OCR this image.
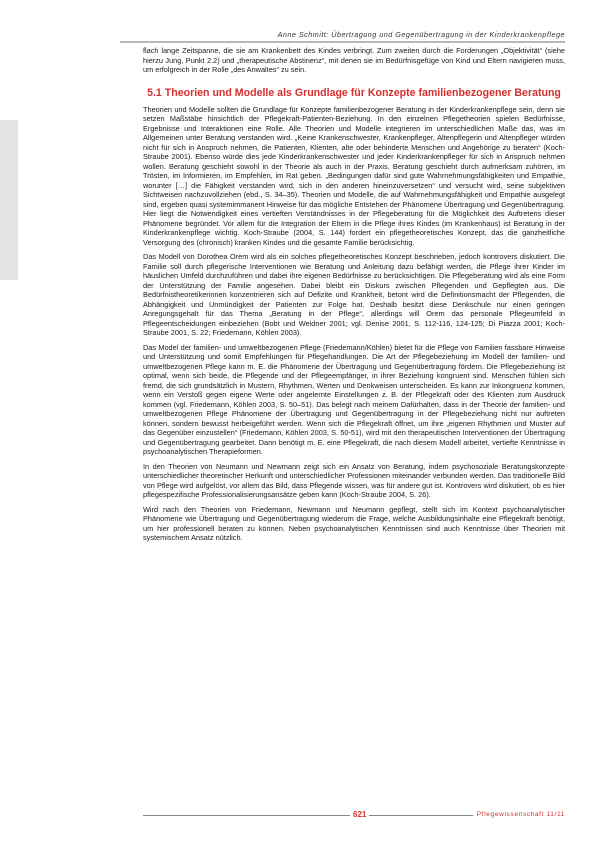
Anne Schmitt: Übertragung und Gegenübertragung in der Kinderkrankenpflege

flach lange Zeitspanne, die sie am Krankenbett des Kindes verbringt. Zum zweiten durch die Forderungen „Objektivität“ (siehe hierzu Jung, Punkt 2.2) und „therapeutische Abstinenz“, mit denen sie im Bedürfnisgefüge von Kind und Eltern navigieren muss, um erfolgreich in der Rolle „des Anwaltes“ zu sein.

5.1 Theorien und Modelle als Grundlage für Konzepte familienbezogener Beratung

Theorien und Modelle sollten die Grundlage für Konzepte familienbezogener Beratung in der Kinderkrankenpflege sein, denn sie setzen Maßstäbe hinsichtlich der Pflegekraft-Patienten-Beziehung. In den einzelnen Pflegetheorien spielen Bedürfnisse, Ergebnisse und Interaktionen eine Rolle. Alle Theorien und Modelle integrieren im unterschiedlichen Maße das, was im Allgemeinen unter Beratung verstanden wird. „Keine Krankenschwester, Krankenpfleger, Altenpflegerin und Altenpfleger würden nicht für sich in Anspruch nehmen, die Patienten, Klienten, alte oder behinderte Menschen und Angehörige zu beraten“ (Koch-Straube 2001). Ebenso würde dies jede Kinderkrankenschwester und jeder Kinderkrankenpfleger für sich in Anspruch nehmen wollen. Beratung geschieht sowohl in der Theorie als auch in der Praxis. Beratung geschieht durch aufmerksam zuhören, im Trösten, im Informieren, im Empfehlen, im Rat geben. „Bedingungen dafür sind gute Wahrnehmungsfähigkeiten und Empathie, worunter […] die Fähigkeit verstanden wird, sich in den anderen hineinzuversetzen“ und versucht wird, seine subjektiven Sichtweisen nachzuvollziehen (ebd., S. 34–35). Theorien und Modelle, die auf Wahrnehmungsfähigkeit und Empathie ausgelegt sind, ergeben quasi systemimmanent Hinweise für das mögliche Entstehen der Phänomene Übertragung und Gegenübertragung. Hier liegt die Notwendigkeit eines vertieften Verständnisses in der Pflegeberatung für die Möglichkeit des Auftretens dieser Phänomene begründet. Vor allem für die Integration der Eltern in die Pflege ihres Kindes (im Krankenhaus) ist Beratung in der Kinderkrankenpflege wichtig. Koch-Straube (2004, S. 144) fordert ein pflegetheoretisches Konzept, das die ganzheitliche Versorgung des (chronisch) kranken Kindes und die gesamte Familie berücksichtig.

Das Modell von Dorothea Orem wird als ein solches pflegetheoretisches Konzept beschrieben, jedoch kontrovers diskutiert. Die Familie soll durch pflegerische Interventionen wie Beratung und Anleitung dazu befähigt werden, die Pflege ihrer Kinder im häuslichen Umfeld durchzuführen und dabei ihre eigenen Bedürfnisse zu berücksichtigen. Die Pflegeberatung wird als eine Form der Unterstützung der Familie angesehen. Dabei bleibt ein Diskurs zwischen Pflegenden und Gepflegten aus. Die Bedürfnistheoretikerinnen konzentrieren sich auf Defizite und Krankheit, betont wird die Definitionsmacht der Pflegenden, die Abhängigkeit und Unmündigkeit der Patienten zur Folge hat. Deshalb besitzt diese Denkschule nur einen geringen Anregungsgehalt für das Thema „Beratung in der Pflege“, allerdings will Orem das personale Pflegeumfeld in Pflegeentscheidungen einbeziehen (Bobt und Weidner 2001; vgl. Denise 2001, S. 112-116, 124-125; Di Piazza 2001; Koch-Straube 2001, S. 22; Friedemann, Köhlen 2003).

Das Model der familien- und umweltbezogenen Pflege (Friedemann/Köhlen) bietet für die Pflege von Familien fassbare Hinweise und Unterstützung und somit Empfehlungen für Pflegehandlungen. Die Art der Pflegebeziehung im Modell der familien- und umweltbezogenen Pflege kann m. E. die Phänomene der Übertragung und Gegenübertragung fördern. Die Pflegebeziehung ist optimal, wenn sich beide, die Pflegende und der Pflegeempfänger, in ihrer Beziehung kongruent sind. Menschen fühlen sich fremd, die sich grundsätzlich in Mustern, Rhythmen, Werten und Denkweisen unterscheiden. Es kann zur Inkongruenz kommen, wenn ein Verstoß gegen eigene Werte oder angelernte Einstellungen z. B. der Pflegekraft oder des Klienten zum Ausdruck kommen (vgl. Friedemann, Köhlen 2003, S. 50–51). Das belegt nach meinem Dafürhalten, dass in der Theorie der familien- und umweltbezogenen Pflege Phänomene der Übertragung und Gegenübertragung in der Pflegebeziehung nicht nur auftreten können, sondern bewusst herbeigeführt werden. Wenn sich die Pflegekraft öffnet, um ihre „eigenen Rhythmen und Muster auf das Gegenüber einzustellen“ (Friedemann, Köhlen 2003, S. 50-51), wird mit den therapeutischen Interventionen der Übertragung und Gegenübertragung gearbeitet. Dann benötigt m. E. eine Pflegekraft, die nach diesem Modell arbeitet, vertiefte Kenntnisse in psychoanalytischen Therapieformen.

In den Theorien von Neumann und Newmann zeigt sich ein Ansatz von Beratung, indem psychosoziale Beratungskonzepte unterschiedlicher theoretischer Herkunft und unterschiedlicher Professionen miteinander verbunden werden. Das traditionelle Bild von Pflege wird aufgelöst, vor allem das Bild, dass Pflegende wissen, was für andere gut ist. Kontrovers wird diskutiert, ob es hier pflegespezifische Professionalisierungsansätze geben kann (Koch-Straube 2004, S. 26).

Wird nach den Theorien von Friedemann, Newmann und Neumann gepflegt, stellt sich im Kontext psychoanalytischer Phänomene wie Übertragung und Gegenübertragung wiederum die Frage, welche Ausbildungsinhalte eine Pflegekraft benötigt, um hier professionell beraten zu können. Neben psychoanalytischen Kenntnissen sind auch Kenntnisse über Theorien mit systemischem Ansatz nützlich.

621	Pflegewissenschaft 11/11
